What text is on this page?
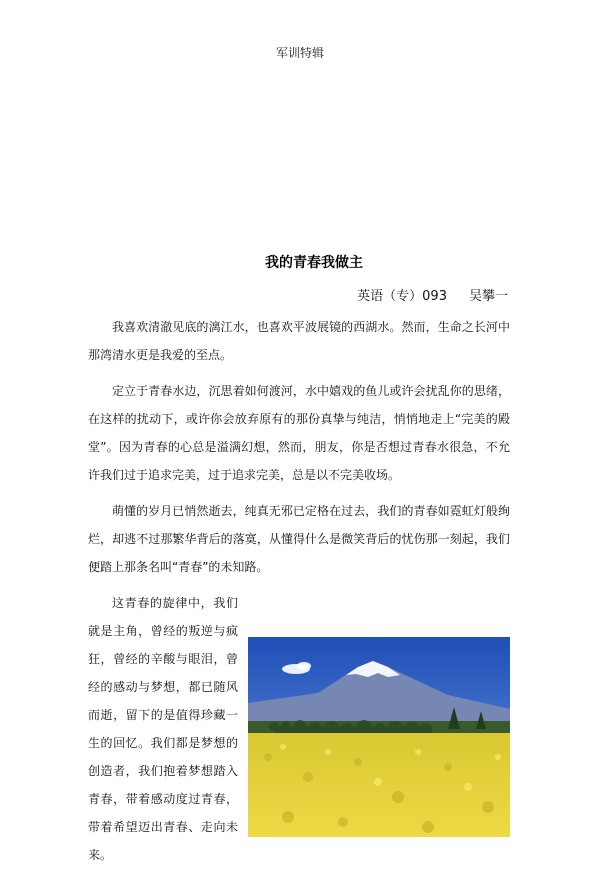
军训特辑
我的青春我做主
英语（专）093 吴攀一

我喜欢清澈见底的漓江水，也喜欢平波展镜的西湖水。然而，生命之长河中那湾清水更是我爱的至点。

定立于青春水边，沉思着如何渡河，水中嬉戏的鱼儿或许会扰乱你的思绪，在这样的扰动下，或许你会放弃原有的那份真挚与纯洁，悄悄地走上“完美的殿堂”。因为青春的心总是溢满幻想，然而，朋友，你是否想过青春水很急，不允许我们过于追求完美，过于追求完美，总是以不完美收场。

萌懂的岁月已悄然逝去，纯真无邪已定格在过去，我们的青春如霓虹灯般绚烂，却逃不过那繁华背后的落寞，从懂得什么是微笑背后的忧伤那一刻起，我们便踏上那条名叫“青春”的未知路。

这青春的旋律中，我们就是主角，曾经的叛逆与疯狂，曾经的辛酸与眼泪，曾经的感动与梦想，都已随风而逝，留下的是值得珍藏一生的回忆。我们都是梦想的创造者，我们抱着梦想踏入青春，带着感动度过青春，带着希望迈出青春、走向未来。
